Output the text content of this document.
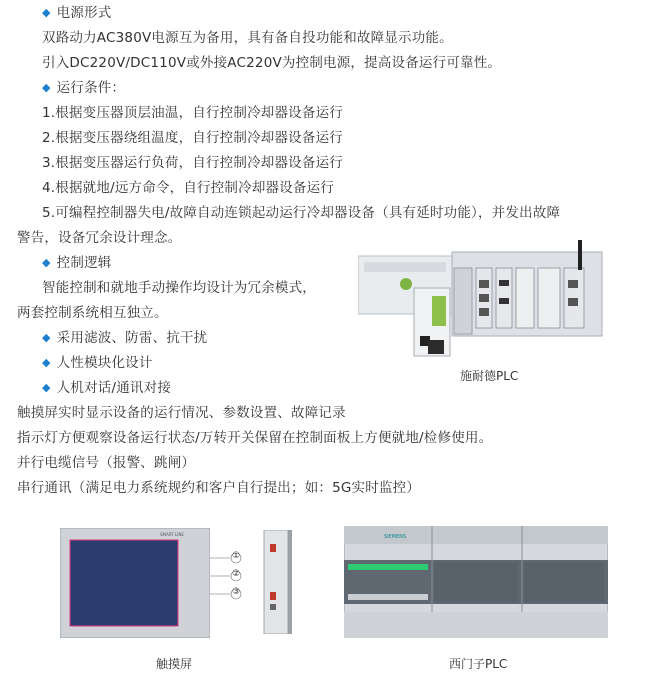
◆ 电源形式
双路动力AC380V电源互为备用，具有备自投功能和故障显示功能。
引入DC220V/DC110V或外接AC220V为控制电源，提高设备运行可靠性。
◆ 运行条件：
1.根据变压器顶层油温，自行控制冷却器设备运行
2.根据变压器绕组温度，自行控制冷却器设备运行
3.根据变压器运行负荷，自行控制冷却器设备运行
4.根据就地/远方命令，自行控制冷却器设备运行
5.可编程控制器失电/故障自动连锁起动运行冷却器设备（具有延时功能），并发出故障
警告，设备冗余设计理念。
◆ 控制逻辑
智能控制和就地手动操作均设计为冗余模式，
两套控制系统相互独立。
◆ 采用滤波、防雷、抗干扰
◆ 人性模块化设计
◆ 人机对话/通讯对接
触摸屏实时显示设备的运行情况、参数设置、故障记录
指示灯方便观察设备运行状态/万转开关保留在控制面板上方便就地/检修使用。
并行电缆信号（报警、跳闸）
串行通讯（满足电力系统规约和客户自行提出；如：5G实时监控）
施耐德PLC
SMART LINE
①
②
③
触摸屏
SIEMENS
西门子PLC
